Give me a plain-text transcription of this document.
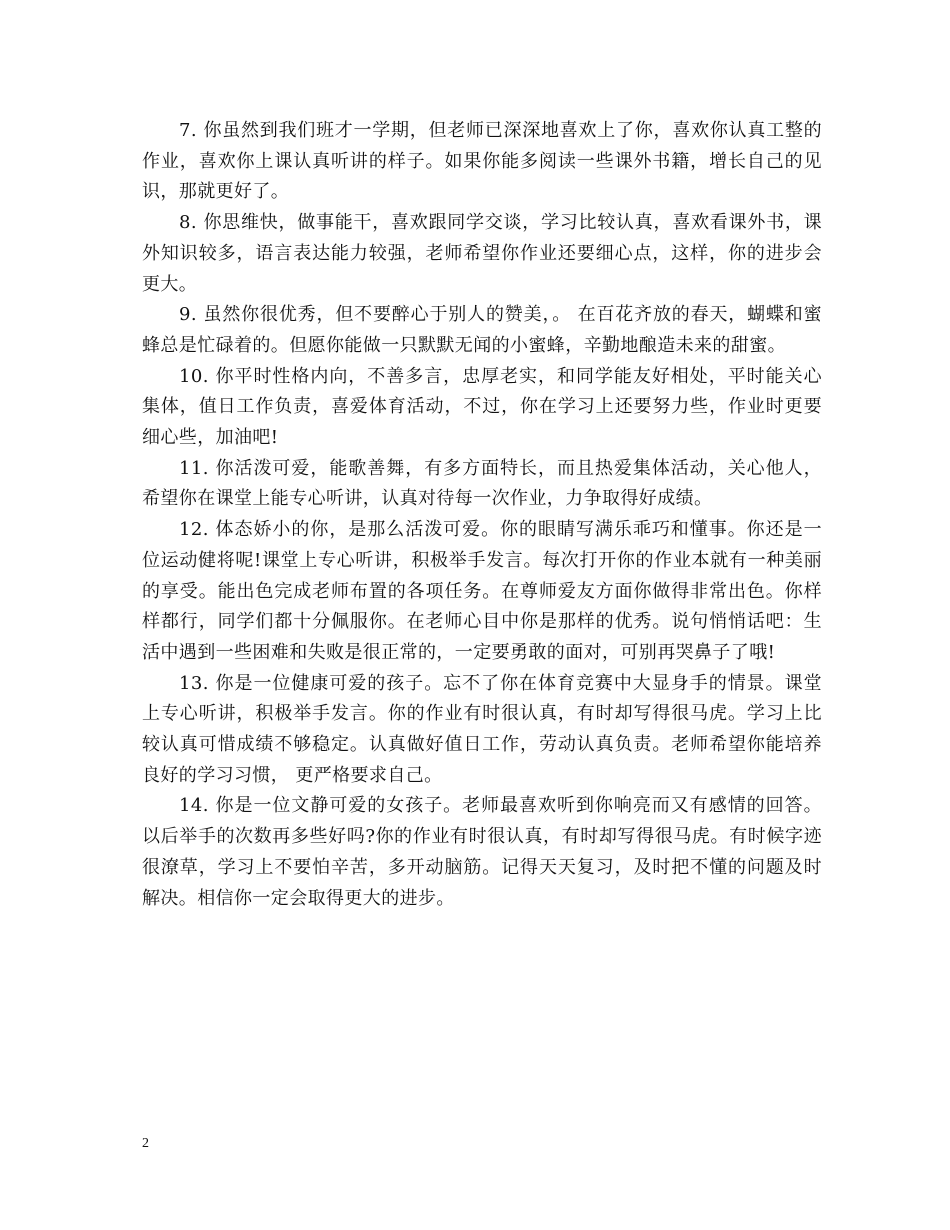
7. 你虽然到我们班才一学期，但老师已深深地喜欢上了你，喜欢你认真工整的作业，喜欢你上课认真听讲的样子。如果你能多阅读一些课外书籍，增长自己的见识，那就更好了。

8. 你思维快，做事能干，喜欢跟同学交谈，学习比较认真，喜欢看课外书，课外知识较多，语言表达能力较强，老师希望你作业还要细心点，这样，你的进步会更大。

9. 虽然你很优秀，但不要醉心于别人的赞美，。 在百花齐放的春天，蝴蝶和蜜蜂总是忙碌着的。但愿你能做一只默默无闻的小蜜蜂，辛勤地酿造未来的甜蜜。

10. 你平时性格内向，不善多言，忠厚老实，和同学能友好相处，平时能关心集体，值日工作负责，喜爱体育活动，不过，你在学习上还要努力些，作业时更要细心些，加油吧!

11. 你活泼可爱，能歌善舞，有多方面特长，而且热爱集体活动，关心他人，希望你在课堂上能专心听讲，认真对待每一次作业，力争取得好成绩。

12. 体态娇小的你，是那么活泼可爱。你的眼睛写满乐乖巧和懂事。你还是一位运动健将呢!课堂上专心听讲，积极举手发言。每次打开你的作业本就有一种美丽的享受。能出色完成老师布置的各项任务。在尊师爱友方面你做得非常出色。你样样都行，同学们都十分佩服你。在老师心目中你是那样的优秀。说句悄悄话吧：生活中遇到一些困难和失败是很正常的，一定要勇敢的面对，可别再哭鼻子了哦!

13. 你是一位健康可爱的孩子。忘不了你在体育竞赛中大显身手的情景。课堂上专心听讲，积极举手发言。你的作业有时很认真，有时却写得很马虎。学习上比较认真可惜成绩不够稳定。认真做好值日工作，劳动认真负责。老师希望你能培养良好的学习习惯， 更严格要求自己。

14. 你是一位文静可爱的女孩子。老师最喜欢听到你响亮而又有感情的回答。以后举手的次数再多些好吗?你的作业有时很认真，有时却写得很马虎。有时候字迹很潦草，学习上不要怕辛苦，多开动脑筋。记得天天复习，及时把不懂的问题及时解决。相信你一定会取得更大的进步。

2
